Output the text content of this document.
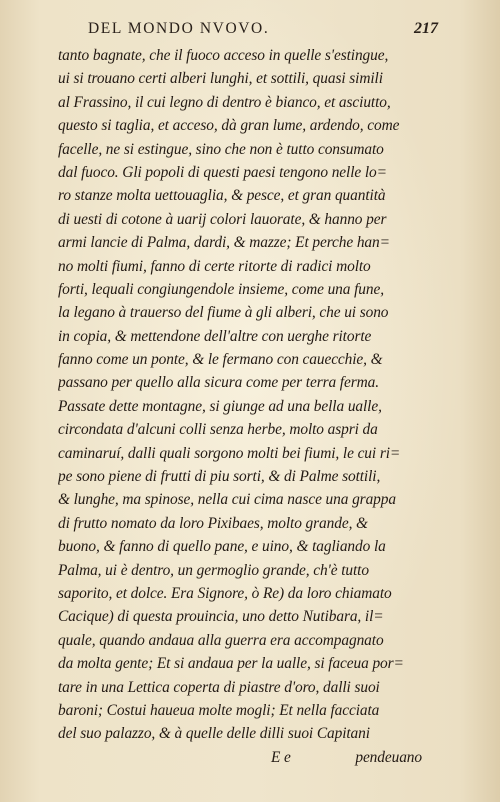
DEL MONDO NVOVO.	217
tanto bagnate, che il fuoco acceso in quelle s'estingue,
ui si trouano certi alberi lunghi, et sottili, quasi simili
al Frassino, il cui legno di dentro è bianco, et asciutto,
questo si taglia, et acceso, dà gran lume, ardendo, come
facelle, ne si estingue, sino che non è tutto consumato
dal fuoco. Gli popoli di questi paesi tengono nelle lo=
ro stanze molta uettouaglia, & pesce, et gran quantità
di uesti di cotone à uarij colori lauorate, & hanno per
armi lancie di Palma, dardi, & mazze; Et perche han=
no molti fiumi, fanno di certe ritorte di radici molto
forti, lequali congiungendole insieme, come una fune,
la legano à trauerso del fiume à gli alberi, che ui sono
in copia, & mettendone dell'altre con uerghe ritorte
fanno come un ponte, & le fermano con cauecchie, &
passano per quello alla sicura come per terra ferma.
Passate dette montagne, si giunge ad una bella ualle,
circondata d'alcuni colli senza herbe, molto aspri da
caminaruí, dalli quali sorgono molti bei fiumi, le cui ri=
pe sono piene di frutti di piu sorti, & di Palme sottili,
& lunghe, ma spinose, nella cui cima nasce una grappa
di frutto nomato da loro Pixibaes, molto grande, &
buono, & fanno di quello pane, e uino, & tagliando la
Palma, ui è dentro, un germoglio grande, ch'è tutto
saporito, et dolce. Era Signore, ò Re) da loro chiamato
Cacique) di questa prouincia, uno detto Nutibara, il=
quale, quando andaua alla guerra era accompagnato
da molta gente; Et si andaua per la ualle, si faceua por=
tare in una Lettica coperta di piastre d'oro, dalli suoi
baroni; Costui haueua molte mogli; Et nella facciata
del suo palazzo, & à quelle delle dilli suoi Capitani
E e	pendeuano
